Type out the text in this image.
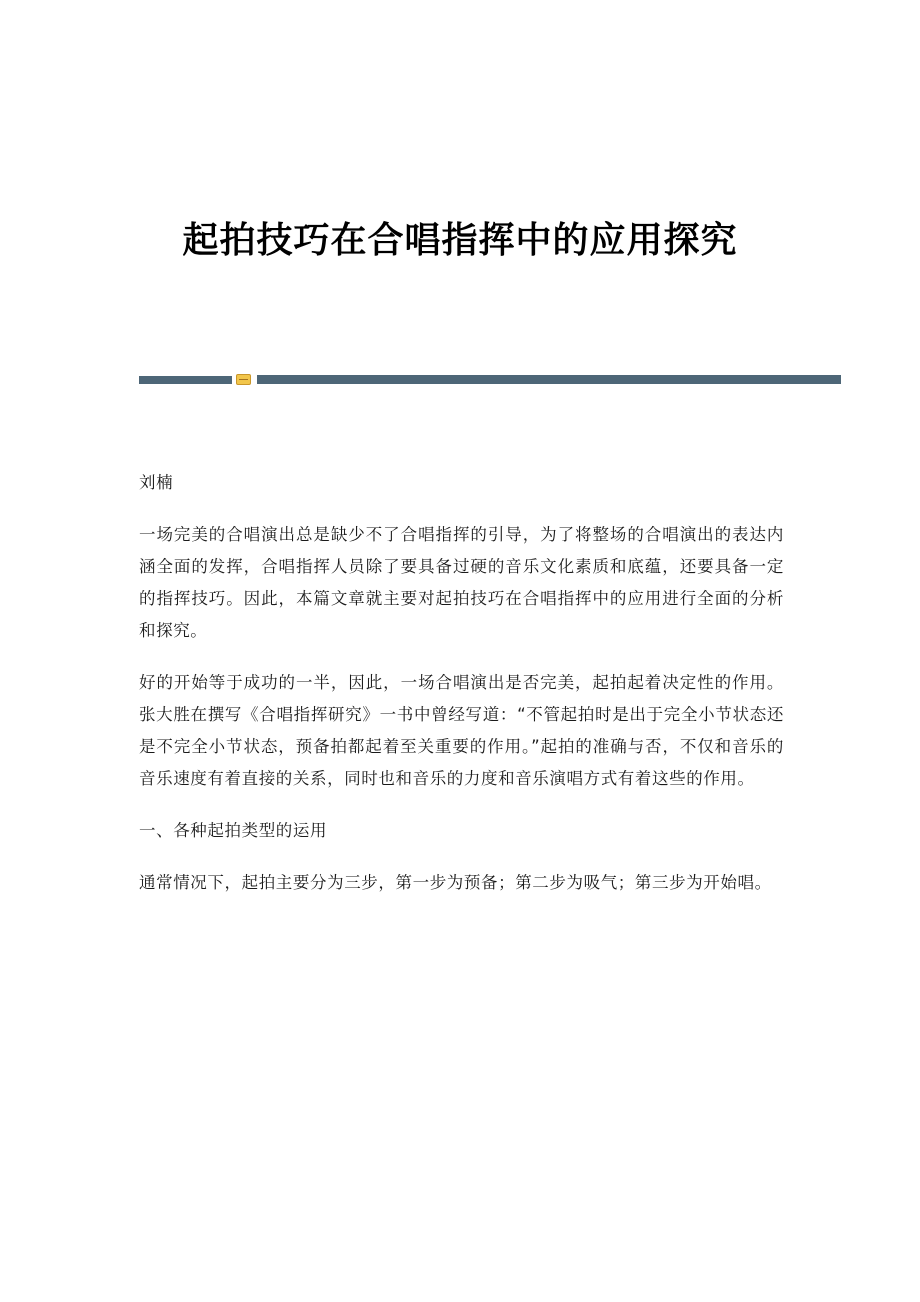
起拍技巧在合唱指挥中的应用探究

刘楠

一场完美的合唱演出总是缺少不了合唱指挥的引导，为了将整场的合唱演出的表达内涵全面的发挥，合唱指挥人员除了要具备过硬的音乐文化素质和底蕴，还要具备一定的指挥技巧。因此，本篇文章就主要对起拍技巧在合唱指挥中的应用进行全面的分析和探究。

好的开始等于成功的一半，因此，一场合唱演出是否完美，起拍起着决定性的作用。张大胜在撰写《合唱指挥研究》一书中曾经写道：“不管起拍时是出于完全小节状态还是不完全小节状态，预备拍都起着至关重要的作用。”起拍的准确与否，不仅和音乐的音乐速度有着直接的关系，同时也和音乐的力度和音乐演唱方式有着这些的作用。

一、各种起拍类型的运用

通常情况下，起拍主要分为三步，第一步为预备；第二步为吸气；第三步为开始唱。
